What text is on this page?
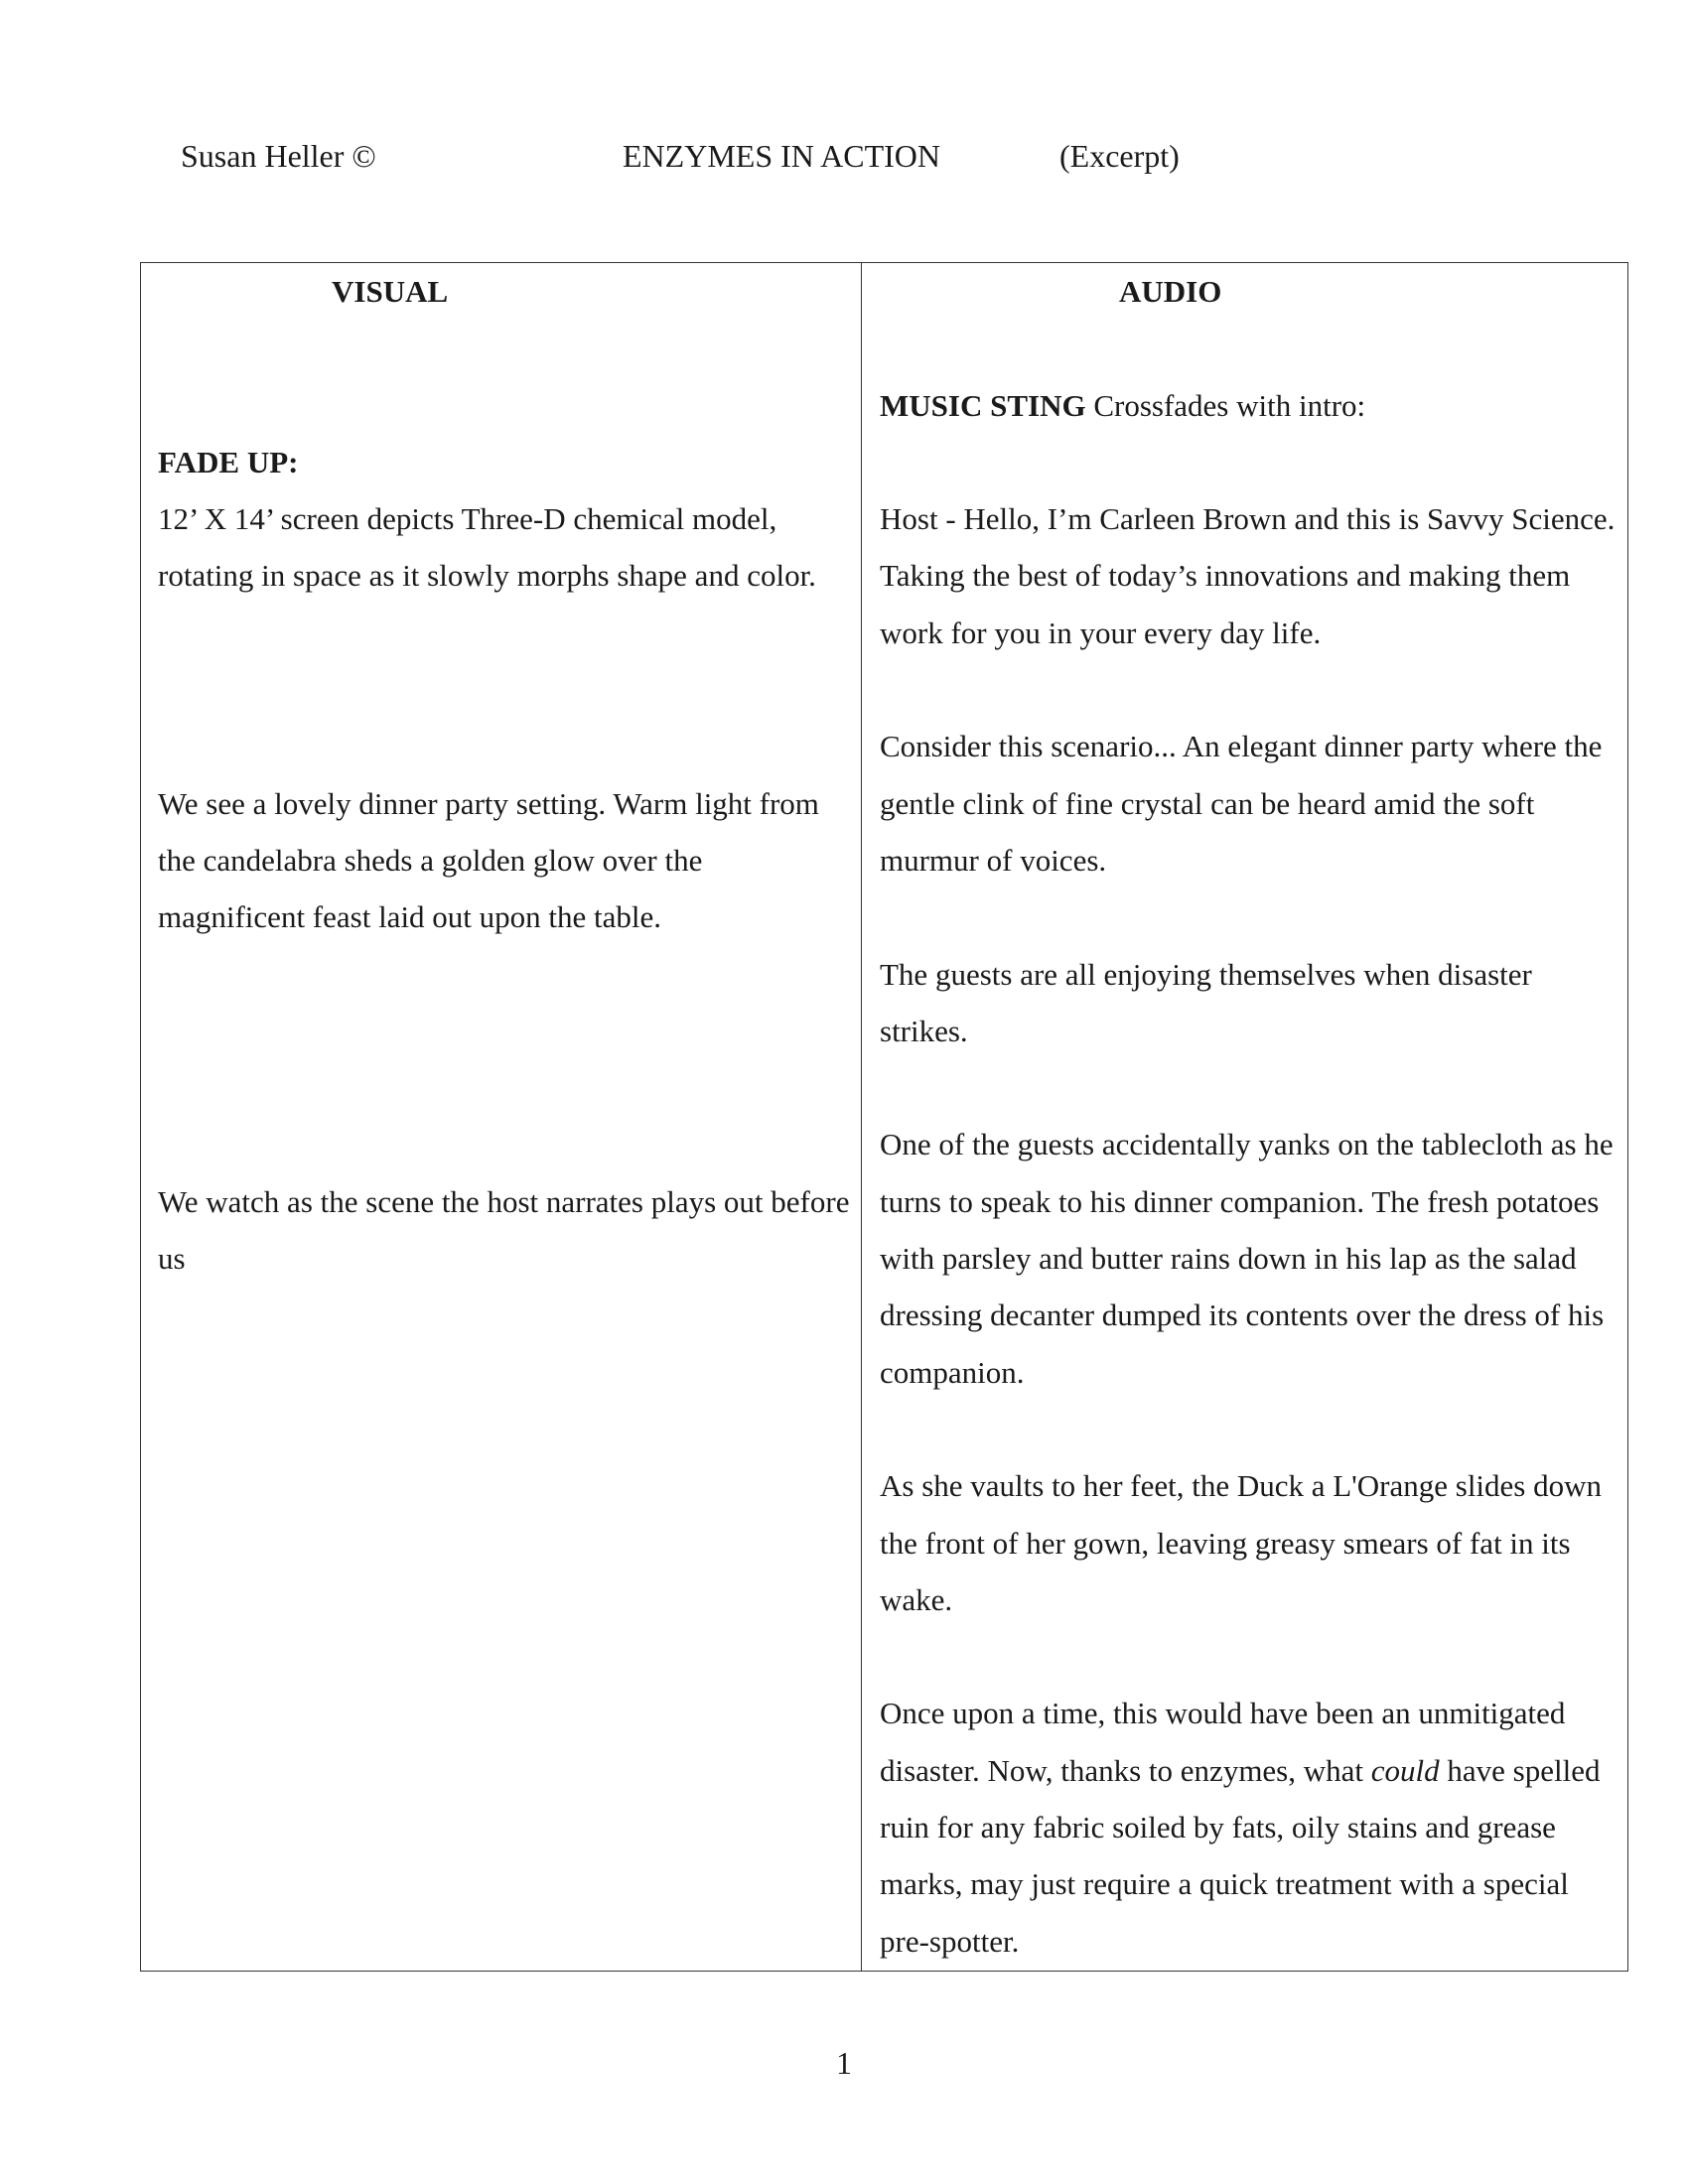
Susan Heller ©	ENZYMES IN ACTION	(Excerpt)
VISUAL

FADE UP:

12’ X 14’ screen depicts Three-D chemical model, rotating in space as it slowly morphs shape and color.

We see a lovely dinner party setting. Warm light from the candelabra sheds a golden glow over the magnificent feast laid out upon the table.

We watch as the scene the host narrates plays out before us

AUDIO

MUSIC STING Crossfades with intro:

Host - Hello, I’m Carleen Brown and this is Savvy Science. Taking the best of today’s innovations and making them work for you in your every day life.

Consider this scenario... An elegant dinner party where the gentle clink of fine crystal can be heard amid the soft murmur of voices.

The guests are all enjoying themselves when disaster strikes.

One of the guests accidentally yanks on the tablecloth as he turns to speak to his dinner companion. The fresh potatoes with parsley and butter rains down in his lap as the salad dressing decanter dumped its contents over the dress of his companion.

As she vaults to her feet, the Duck a L'Orange slides down the front of her gown, leaving greasy smears of fat in its wake.

Once upon a time, this would have been an unmitigated disaster. Now, thanks to enzymes, what could have spelled ruin for any fabric soiled by fats, oily stains and grease marks, may just require a quick treatment with a special pre-spotter.

1
